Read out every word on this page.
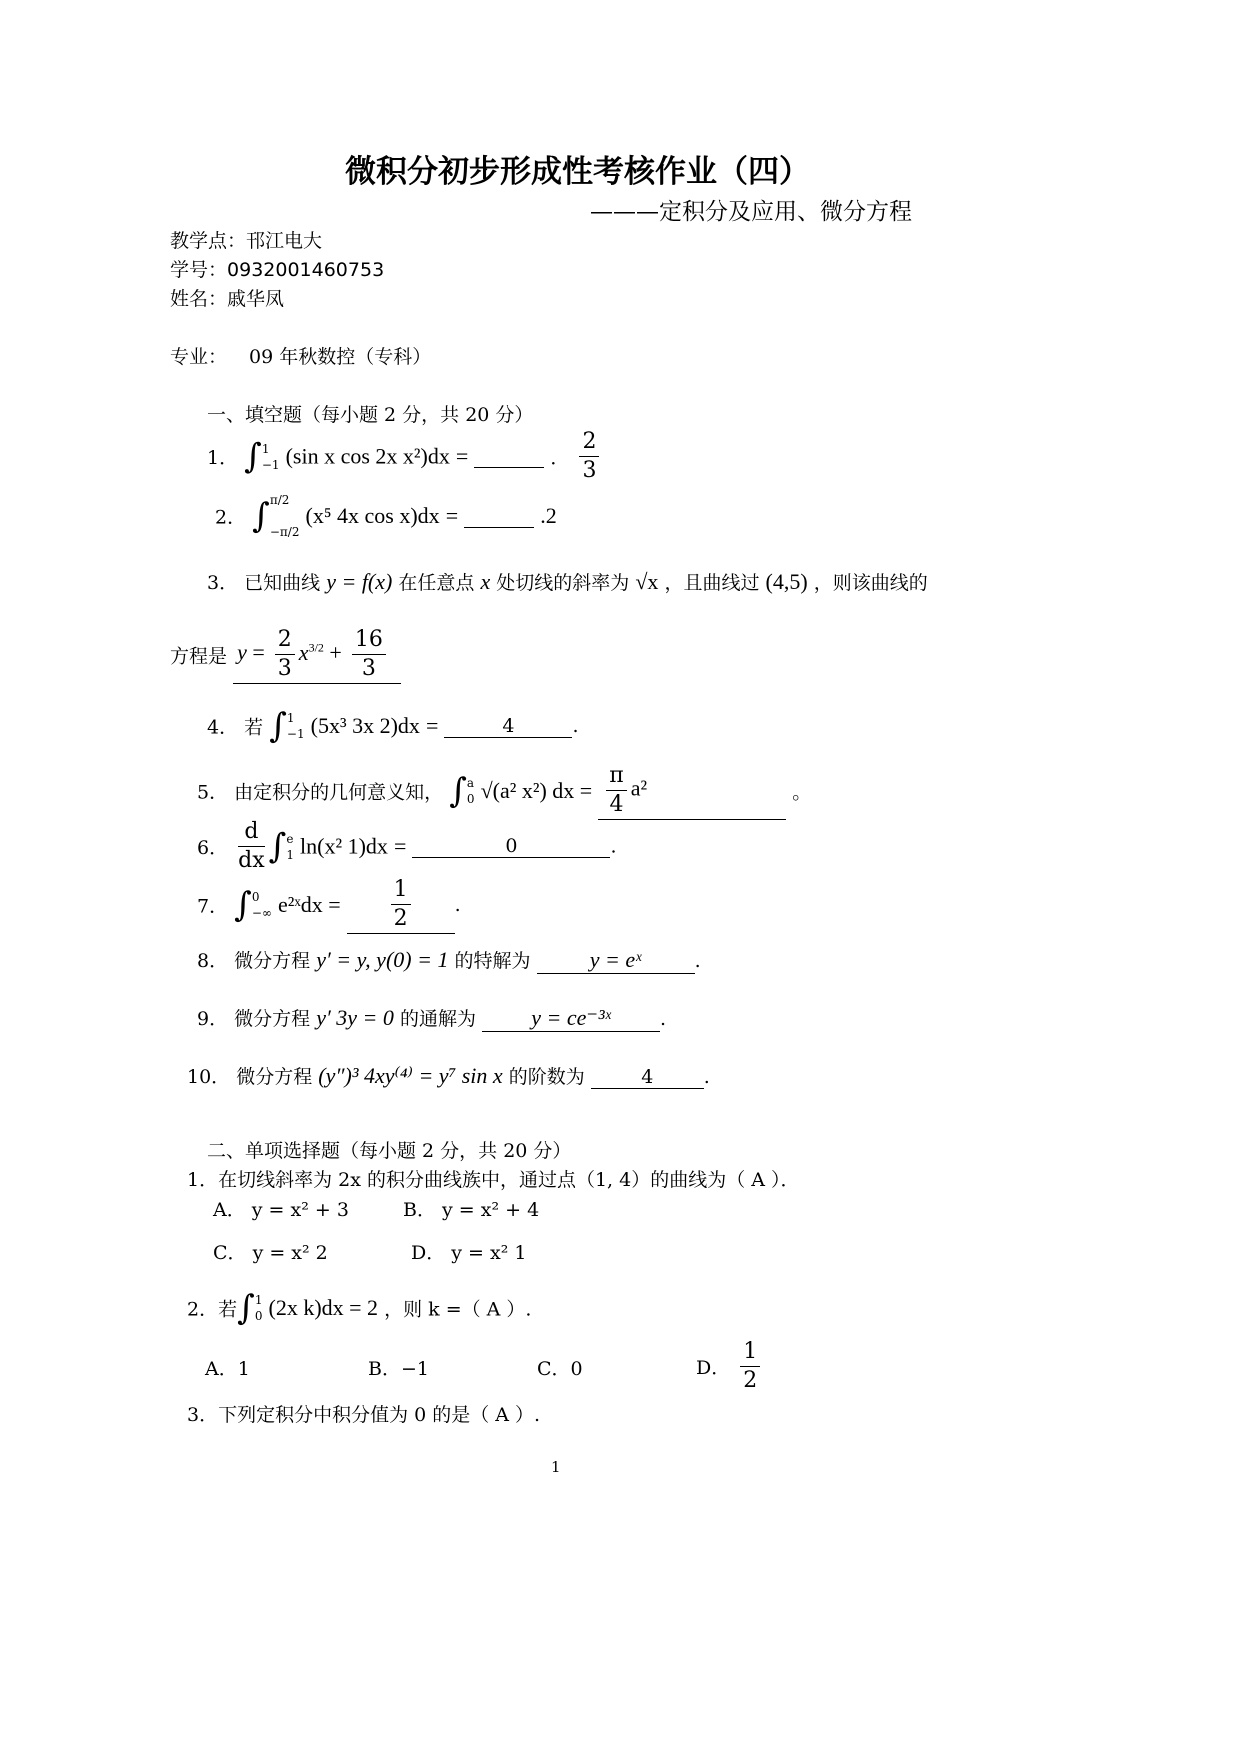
微积分初步形成性考核作业（四）
———定积分及应用、微分方程
教学点：邗江电大
学号：0932001460753
姓名：戚华凤
专业： 09 年秋数控（专科）
一、填空题（每小题 2 分，共 20 分）
1． ∫1
−1 (sin x cos 2x x²)dx =	． $\frac{2}{3}$
2． ∫π/2

−π/2 (x⁵ 4x cos x)dx =	.2
3． 已知曲线 y = f(x) 在任意点 x 处切线的斜率为 √x ，且曲线过 (4,5) ，则该曲线的
方程是 $y = \frac{2}{3} x^{3/2} + \frac{16}{3}$
4． 若 ∫1
−1 (5x³ 3x 2)dx =	4	.
5． 由定积分的几何意义知， ∫a
0 √(a² x²) dx = $\frac{\pi}{4} a^2$	。
6． $\frac{d}{dx} \int e$
1 ln(x² 1)dx =	0	.
7． ∫0
−∞ e²ˣdx = $\frac{1}{2}$ .
8． 微分方程 y′ = y, y(0) = 1 的特解为	y = eˣ	.
9． 微分方程 y′ 3y = 0 的通解为	y = ce⁻³ˣ	.
10． 微分方程 (y″)³ 4xy⁽⁴⁾ = y⁷ sin x 的阶数为	4	.
二、单项选择题（每小题 2 分，共 20 分）
1．在切线斜率为 2x 的积分曲线族中，通过点（1, 4）的曲线为（ A ）．
A． y = x² + 3	B． y = x² + 4
C． y = x² 2	D． y = x² 1
2．若∫1
0 (2x k)dx = 2 ，则 k =（ A ）.
A．1	B．−1	C．0	D． $\frac{1}{2}$
3．下列定积分中积分值为 0 的是（ A ）.
1
